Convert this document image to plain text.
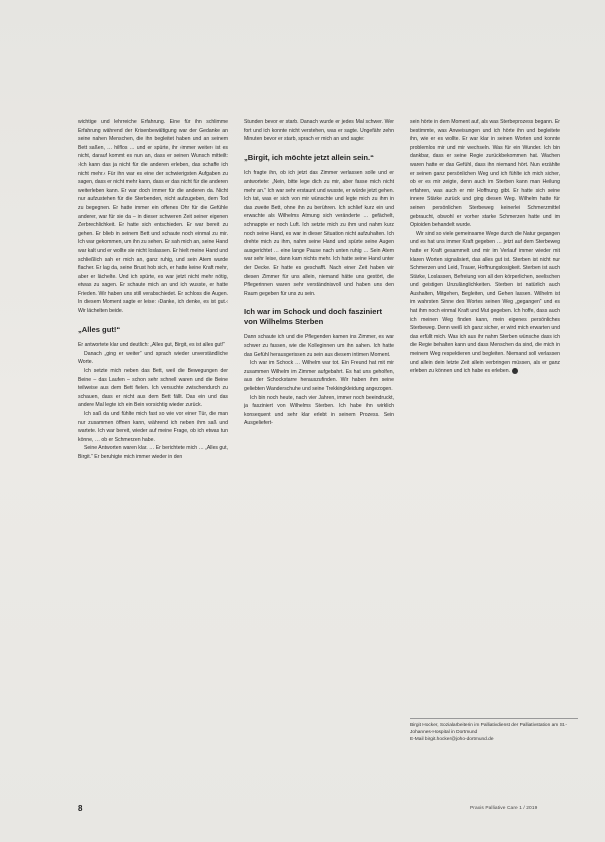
wichtige und lehrreiche Erfahrung. Eine für ihn schlimme Erfahrung während der Krisenbewältigung war der Gedanke an seine nahen Menschen, die ihn begleitet haben und an seinem Bett saßen, … hilflos … und er spürte, ihr ›immer weiter‹ ist es nicht, darauf kommt es nun an, dass er seinen Wunsch mitteilt: ›Ich kann das ja nicht für die anderen erleben, das schaffe ich nicht mehr.‹ Für ihn war es eine der schwierigsten Aufgaben zu sagen, dass er nicht mehr kann, dass er das nicht für die anderen weiterleben kann. Er war doch immer für die anderen da. Nicht nur aufzustehen für die Sterbenden, nicht aufzugeben, dem Tod zu begegnen. Er hatte immer ein offenes Ohr für die Gefühle anderer, war für sie da – in dieser schweren Zeit seiner eigenen Zerbrechlichkeit. Er hatte sich entschieden. Er war bereit zu gehen. Er blieb in seinem Bett und schaute noch einmal zu mir. Ich war gekommen, um ihn zu sehen. Er sah mich an, seine Hand war kalt und er wollte sie nicht loslassen. Er hielt meine Hand und schließlich sah er mich an, ganz ruhig, und sein Atem wurde flacher. Er lag da, seine Brust hob sich, er hatte keine Kraft mehr, aber er lächelte. Und ich spürte, es war jetzt nicht mehr nötig, etwas zu sagen. Er schaute mich an und ich wusste, er hatte Frieden. Wir haben uns still verabschiedet. Er schloss die Augen. In diesem Moment sagte er leise: ›Danke, ich denke, es ist gut.‹ Wir lächelten beide.

„Alles gut!“

Er antwortete klar und deutlich: „Alles gut, Birgit, es ist alles gut!“

Danach „ging er weiter“ und sprach wieder unverständliche Worte.

Ich setzte mich neben das Bett, weil die Bewegungen der Beine – das Laufen – schon sehr schnell waren und die Beine teilweise aus dem Bett fielen. Ich versuchte zwischendurch zu schauen, dass er nicht aus dem Bett fällt. Das ein und das andere Mal legte ich ein Bein vorsichtig wieder zurück.

Ich saß da und fühlte mich fast so wie vor einer Tür, die man nur zusammen öffnen kann, während ich neben ihm saß und wartete. Ich war bereit, wieder auf meine Frage, ob ich etwas tun könne, … ob er Schmerzen habe.

Seine Antworten waren klar. … Er berichtete mich … „Alles gut, Birgit.“ Er beruhigte mich immer wieder in den

Stunden bevor er starb. Danach wurde er jedes Mal schwer. Wer fort und ich konnte nicht verstehen, was er sagte. Ungefähr zehn Minuten bevor er starb, sprach er mich an und sagte:

„Birgit, ich möchte jetzt allein sein.“

Ich fragte ihn, ob ich jetzt das Zimmer verlassen solle und er antwortete: „Nein, bitte lege dich zu mir, aber fasse mich nicht mehr an.“ Ich war sehr erstaunt und wusste, er würde jetzt gehen. Ich tat, was er sich von mir wünschte und legte mich zu ihm in das zweite Bett, ohne ihn zu berühren. Ich schlief kurz ein und erwachte als Wilhelms Atmung sich veränderte … gefächelt, schnappte er noch Luft. Ich setzte mich zu ihm und nahm kurz noch seine Hand, es war in dieser Situation nicht aufzuhalten. Ich drehte mich zu ihm, nahm seine Hand und spürte seine Augen ausgerichtet … eine lange Pause nach unten ruhig … Sein Atem war sehr leise, dann kam nichts mehr. Ich hatte seine Hand unter der Decke. Er hatte es geschafft. Nach einer Zeit haben wir diesen Zimmer für uns allein, niemand hätte uns gestört, die Pflegerinnen waren sehr verständnisvoll und haben uns den Raum gegeben für uns zu sein.

Ich war im Schock und doch fasziniert von Wilhelms Sterben

Dann schaute ich und die Pflegenden kamen ins Zimmer, es war schwer zu fassen, wie die Kolleginnen um ihn sahen. Ich hatte das Gefühl herausgerissen zu sein aus diesem intimen Moment.

Ich war im Schock … Wilhelm war tot. Ein Freund hat mit mir zusammen Wilhelm im Zimmer aufgebahrt. Es hat uns geholfen, aus der Schockstarre herauszufinden. Wir haben ihm seine geliebten Wanderschuhe und seine Trekkingkleidung angezogen.

Ich bin noch heute, nach vier Jahren, immer noch beeindruckt, ja fasziniert von Wilhelms Sterben. Ich habe ihn wirklich konsequent und sehr klar erlebt in seinem Prozess. Sein Ausgeliefert-

sein hörte in dem Moment auf, als was Sterbeprozess begann. Er bestimmte, was Anweisungen und ich hörte ihn und begleitete ihn, wie er es wollte. Er war klar in seinen Worten und konnte problemlos mir und mir wechseln. Was für ein Wunder. Ich bin dankbar, dass er seine Regie zurückbekommen hat. Wachen waren hatte er das Gefühl, dass ihn niemand hört. Nun erzählte er seinen ganz persönlichen Weg und ich fühlte ich mich sicher, ob er es mir zeigte, denn auch im Sterben kann man Heilung erfahren, was auch er mir Hoffnung gibt. Er hatte sich seine innere Stärke zurück und ging diesen Weg. Wilhelm hatte für seinen persönlichen Sterbeweg keinerlei Schmerzmittel gebraucht, obwohl er vorher starke Schmerzen hatte und im Opioiden behandelt wurde.

Wir sind so viele gemeinsame Wege durch die Natur gegangen und es hat uns immer Kraft gegeben … jetzt auf dem Sterbeweg hatte er Kraft gesammelt und mir im Verlauf immer wieder mit klaren Worten signalisiert, das alles gut ist. Sterben ist nicht nur Schmerzen und Leid, Trauer, Hoffnungslosigkeit. Sterben ist auch Stärke, Loslassen, Befreiung von all den körperlichen, seelischen und geistigen Unzulänglichkeiten. Sterben ist natürlich auch Aushalten, Mitgehen, Begleiten, und Gehen lassen. Wilhelm ist im wahrsten Sinne des Wortes seinen Weg „gegangen“ und es hat ihm noch einmal Kraft und Mut gegeben. Ich hoffe, dass auch ich meinen Weg finden kann, mein eigenes persönliches Sterbeweg. Denn weiß ich ganz sicher, er wird mich erwarten und das erfüllt mich. Was ich aus ihr nahm Sterben wünsche dass ich die Regie behalten kann und dass Menschen da sind, die mich in meinem Weg respektieren und begleiten. Niemand soll verlassen und allein dein letzte Zeit allein verbringen müssen, als er ganz erleben zu können und ich habe es erleben.

Birgit Hocker, Sozialarbeiterin im Palliativdienst der Palliativstation am St.-Johannes-Hospital in Dortmund
E-Mail birgit.hocker@joho-dortmund.de
8	Praxis Palliative Care 1 / 2019
